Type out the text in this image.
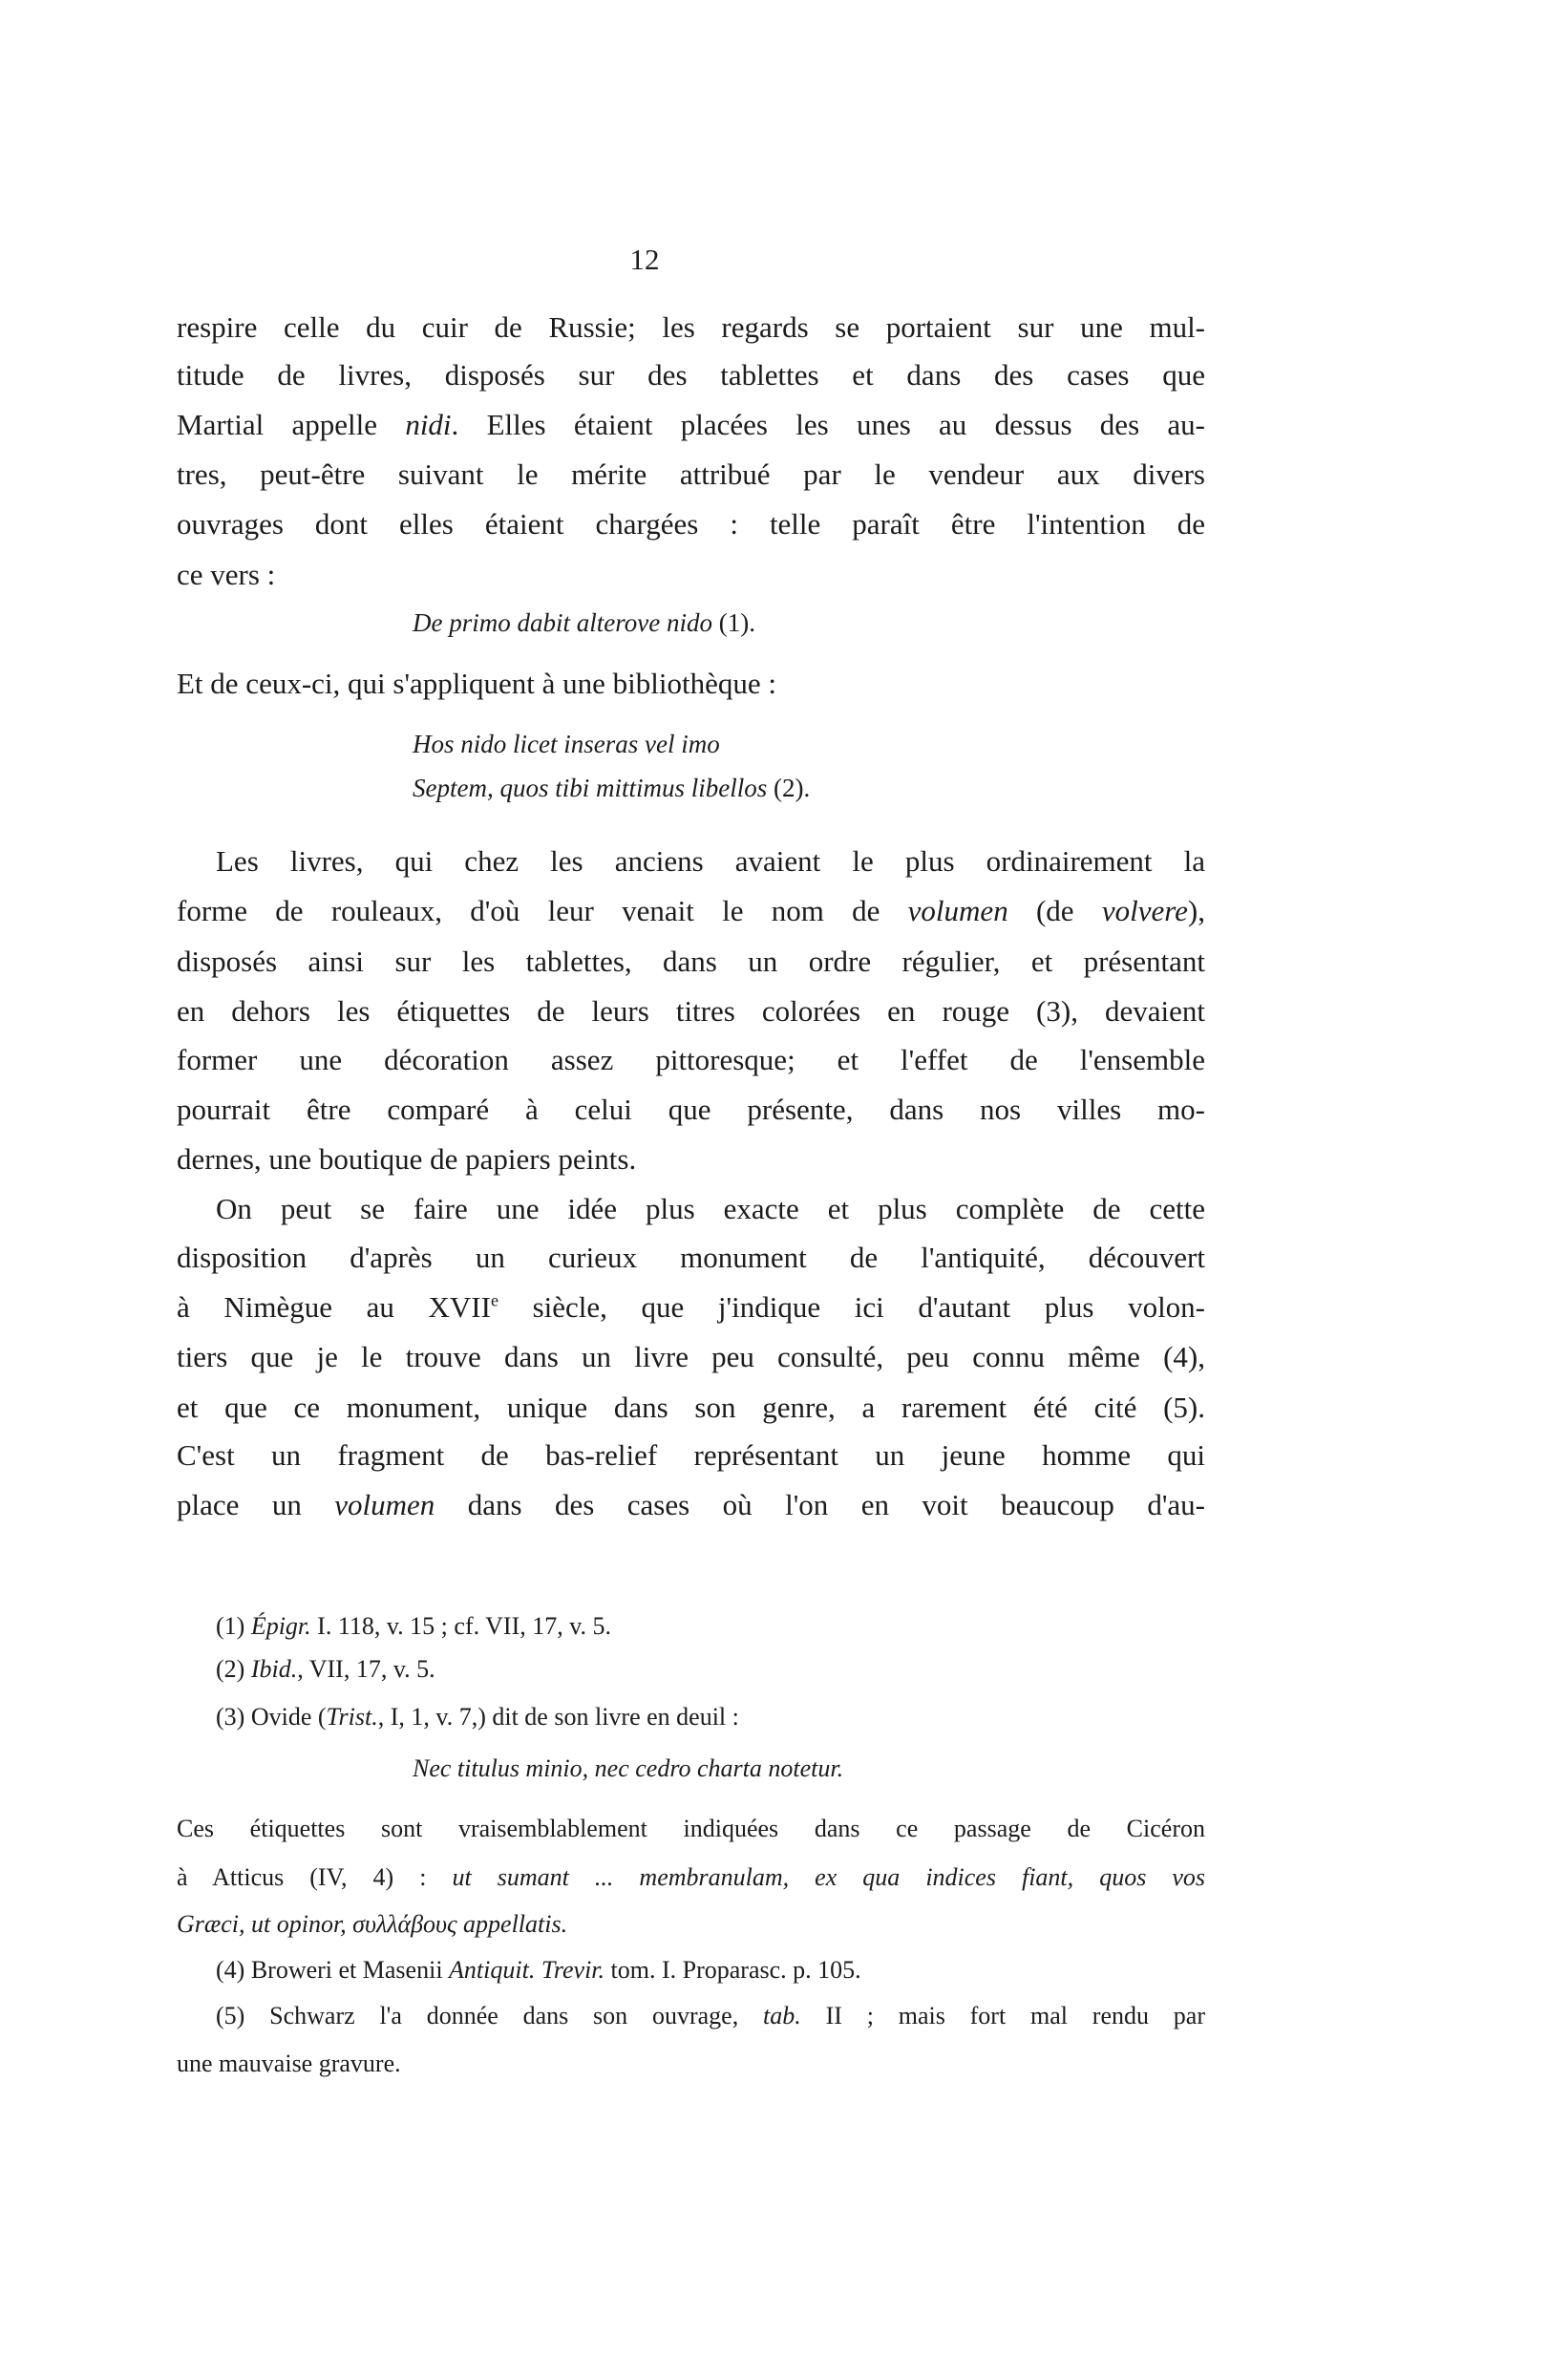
12
respire celle du cuir de Russie; les regards se portaient sur une mul-
titude de livres, disposés sur des tablettes et dans des cases que
Martial appelle nidi. Elles étaient placées les unes au dessus des au-
tres, peut-être suivant le mérite attribué par le vendeur aux divers
ouvrages dont elles étaient chargées : telle paraît être l'intention de
ce vers :
De primo dabit alterove nido (1).
Et de ceux-ci, qui s'appliquent à une bibliothèque :
Hos nido licet inseras vel imo
Septem, quos tibi mittimus libellos (2).
Les livres, qui chez les anciens avaient le plus ordinairement la
forme de rouleaux, d'où leur venait le nom de volumen (de volvere),
disposés ainsi sur les tablettes, dans un ordre régulier, et présentant
en dehors les étiquettes de leurs titres colorées en rouge (3), devaient
former une décoration assez pittoresque; et l'effet de l'ensemble
pourrait être comparé à celui que présente, dans nos villes mo-
dernes, une boutique de papiers peints.
On peut se faire une idée plus exacte et plus complète de cette
disposition d'après un curieux monument de l'antiquité, découvert
à Nimègue au XVIIe siècle, que j'indique ici d'autant plus volon-
tiers que je le trouve dans un livre peu consulté, peu connu même (4),
et que ce monument, unique dans son genre, a rarement été cité (5).
C'est un fragment de bas-relief représentant un jeune homme qui
place un volumen dans des cases où l'on en voit beaucoup d'au-
(1) Épigr. I. 118, v. 15 ; cf. VII, 17, v. 5.
(2) Ibid., VII, 17, v. 5.
(3) Ovide (Trist., I, 1, v. 7,) dit de son livre en deuil :
Nec titulus minio, nec cedro charta notetur.
Ces étiquettes sont vraisemblablement indiquées dans ce passage de Cicéron
à Atticus (IV, 4) : ut sumant ... membranulam, ex qua indices fiant, quos vos
Græci, ut opinor, συλλάβους appellatis.
(4) Broweri et Masenii Antiquit. Trevir. tom. I. Proparasc. p. 105.
(5) Schwarz l'a donnée dans son ouvrage, tab. II ; mais fort mal rendu par
une mauvaise gravure.
